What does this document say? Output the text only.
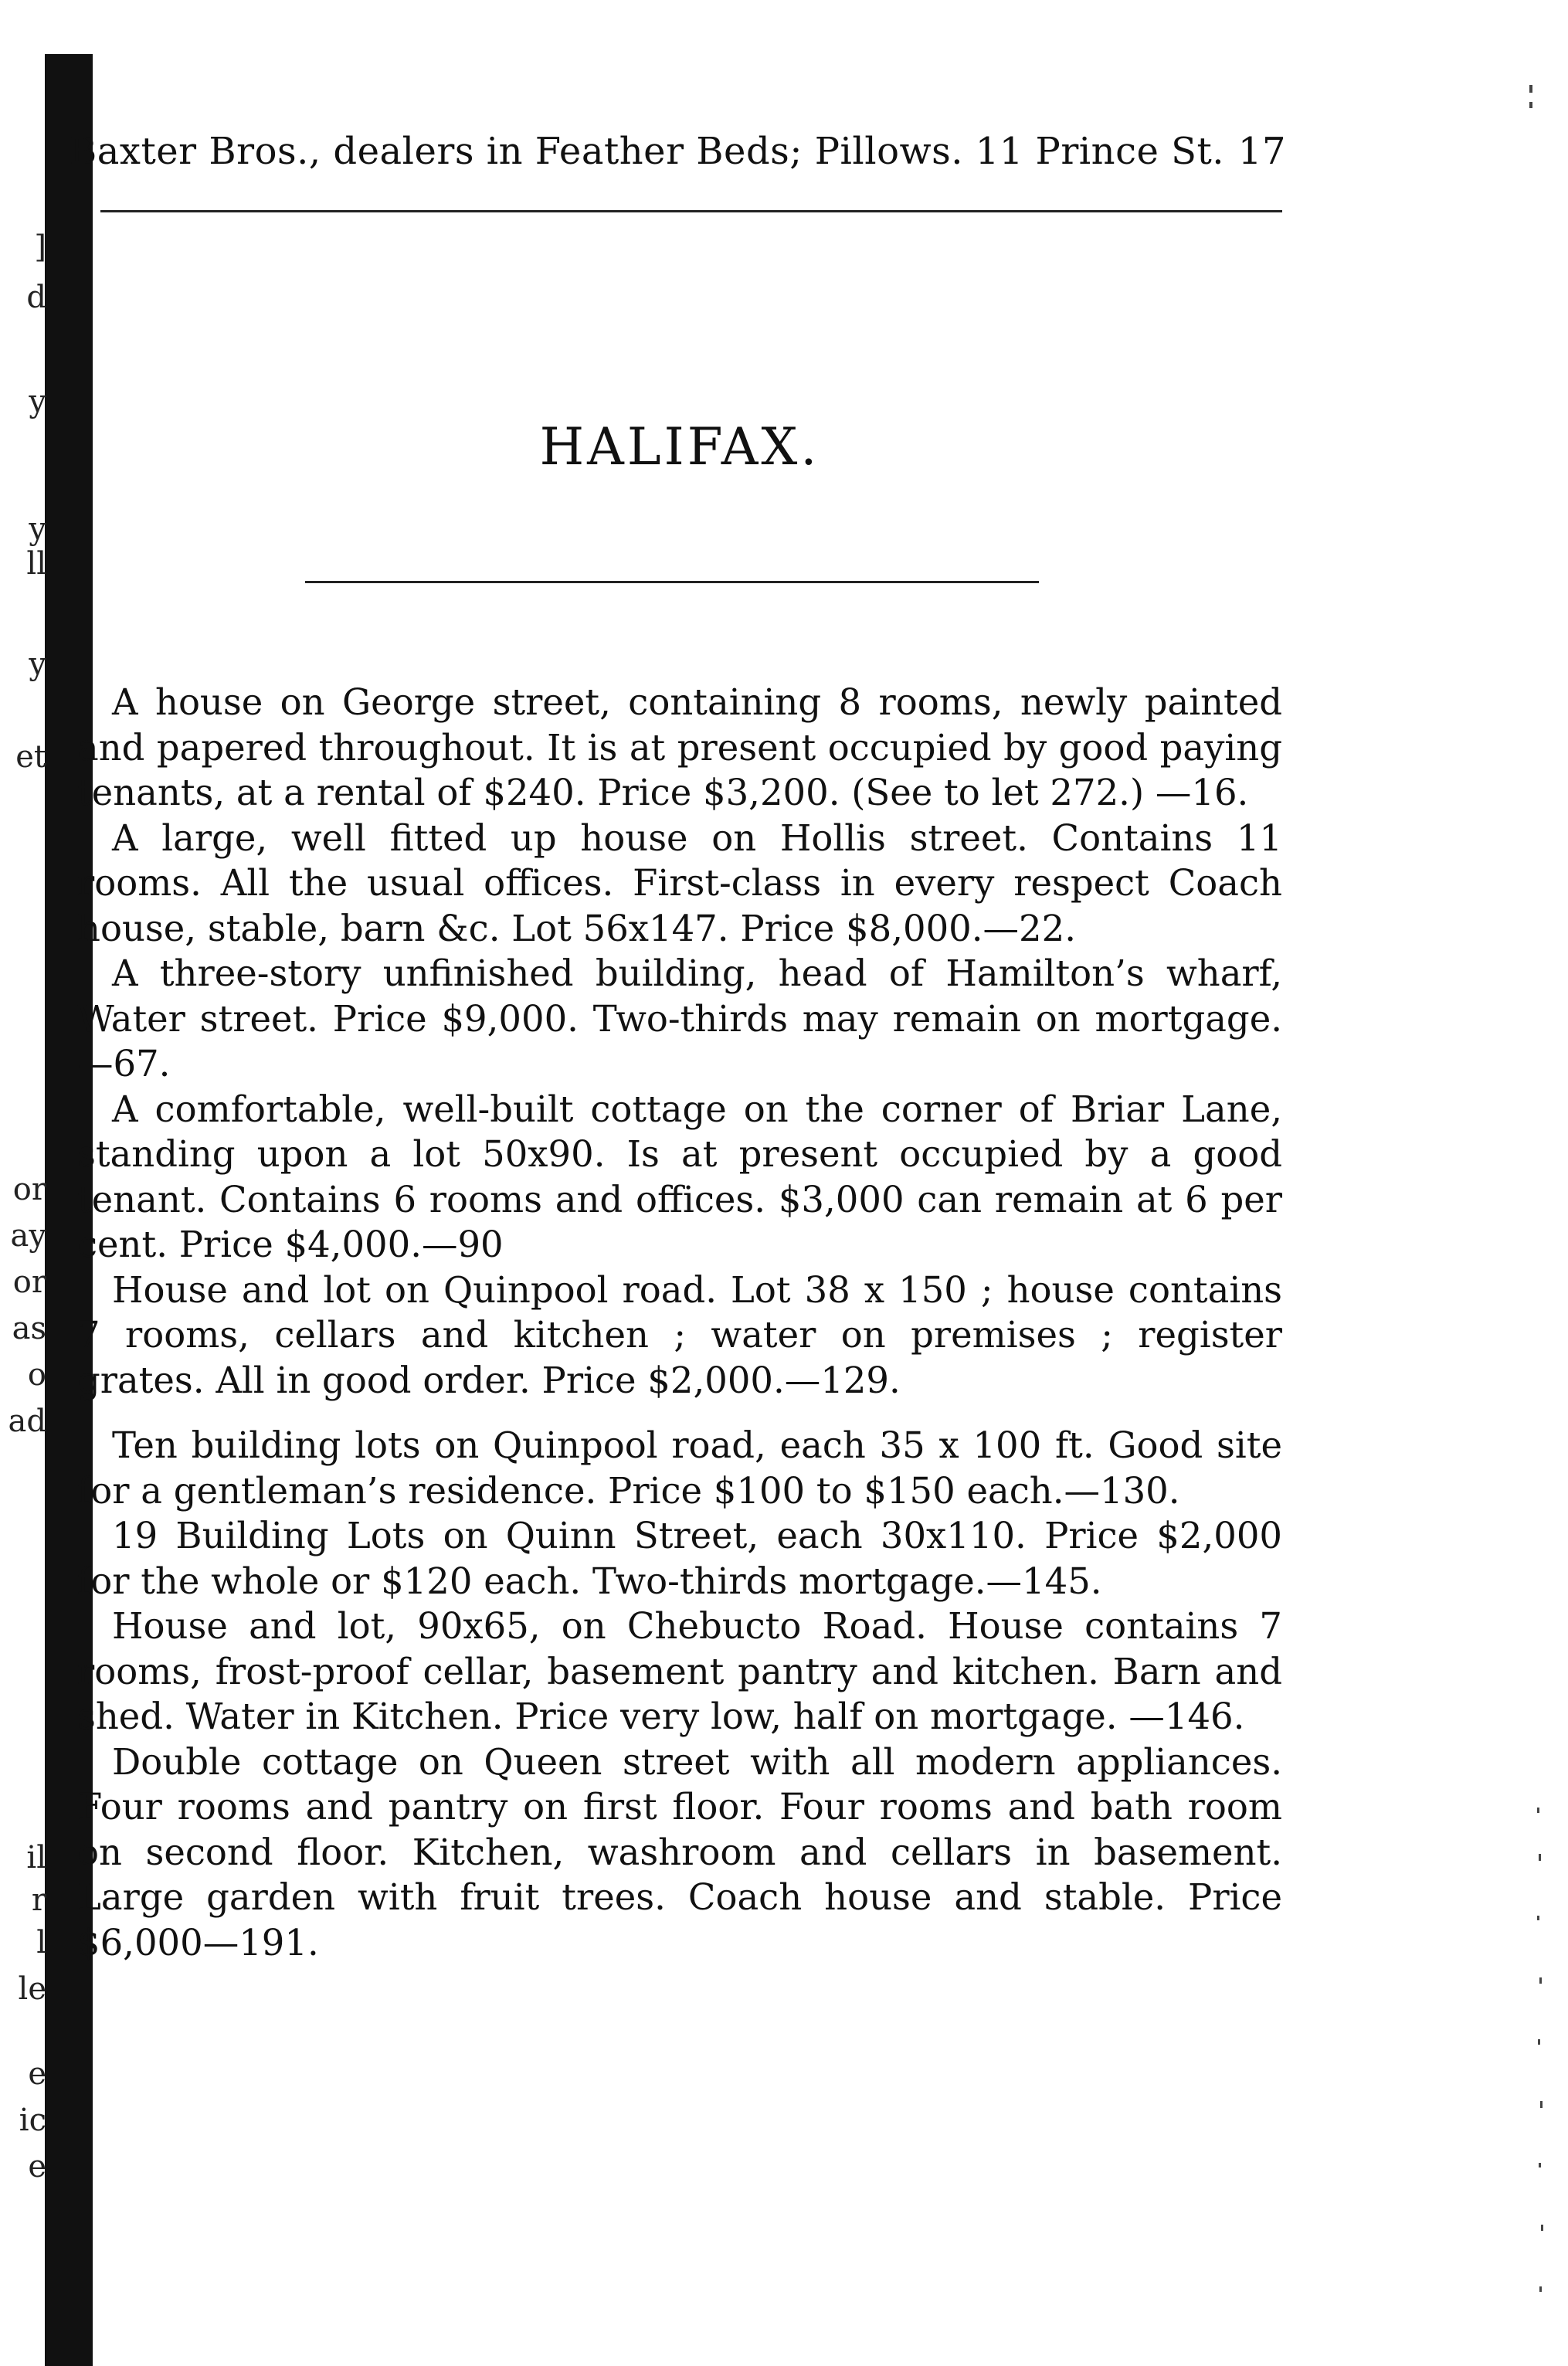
]
d
y
y
ll
y
et
or
ay
or
as
o
ad
il
r
l
le
e
ic
e
Baxter Bros., dealers in Feather Beds; Pillows. 11 Prince St. 17
HALIFAX.

A house on George street, containing 8 rooms, newly painted and papered throughout. It is at present occupied by good paying tenants, at a rental of $240. Price $3,200. (See to let 272.) —16.

A large, well fitted up house on Hollis street. Contains 11 rooms. All the usual offices. First-class in every respect Coach house, stable, barn &c. Lot 56x147. Price $8,000.—22.

A three-story unfinished building, head of Hamilton’s wharf, Water street. Price $9,000. Two-thirds may remain on mortgage.—67.

A comfortable, well-built cottage on the corner of Briar Lane, standing upon a lot 50x90. Is at present occupied by a good tenant. Contains 6 rooms and offices. $3,000 can remain at 6 per cent. Price $4,000.—90

House and lot on Quinpool road. Lot 38 x 150 ; house contains 7 rooms, cellars and kitchen ; water on premises ; register grates. All in good order. Price $2,000.—129.

Ten building lots on Quinpool road, each 35 x 100 ft. Good site for a gentleman’s residence. Price $100 to $150 each.—130.

19 Building Lots on Quinn Street, each 30x110. Price $2,000 for the whole or $120 each. Two-thirds mortgage.—145.

House and lot, 90x65, on Chebucto Road. House contains 7 rooms, frost-proof cellar, basement pantry and kitchen. Barn and shed. Water in Kitchen. Price very low, half on mortgage. —146.

Double cottage on Queen street with all modern appliances. Four rooms and pantry on first floor. Four rooms and bath room on second floor. Kitchen, washroom and cellars in basement. Large garden with fruit trees. Coach house and stable. Price $6,000—191.
